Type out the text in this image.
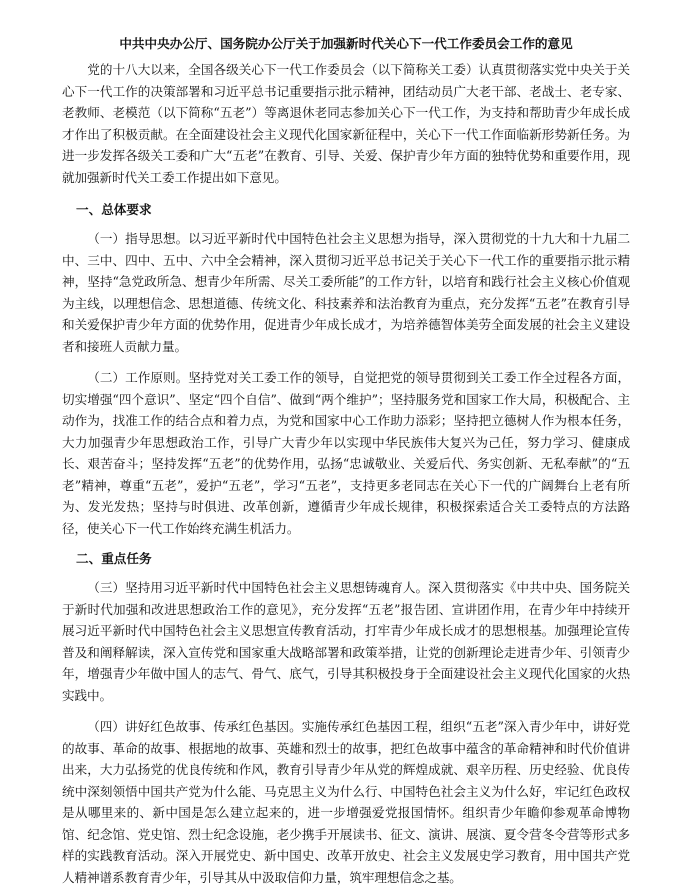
中共中央办公厅、国务院办公厅关于加强新时代关心下一代工作委员会工作的意见

党的十八大以来，全国各级关心下一代工作委员会（以下简称关工委）认真贯彻落实党中央关于关心下一代工作的决策部署和习近平总书记重要指示批示精神，团结动员广大老干部、老战士、老专家、老教师、老模范（以下简称“五老”）等离退休老同志参加关心下一代工作，为支持和帮助青少年成长成才作出了积极贡献。在全面建设社会主义现代化国家新征程中，关心下一代工作面临新形势新任务。为进一步发挥各级关工委和广大“五老”在教育、引导、关爱、保护青少年方面的独特优势和重要作用，现就加强新时代关工委工作提出如下意见。

一、总体要求

（一）指导思想。以习近平新时代中国特色社会主义思想为指导，深入贯彻党的十九大和十九届二中、三中、四中、五中、六中全会精神，深入贯彻习近平总书记关于关心下一代工作的重要指示批示精神，坚持“急党政所急、想青少年所需、尽关工委所能”的工作方针，以培育和践行社会主义核心价值观为主线，以理想信念、思想道德、传统文化、科技素养和法治教育为重点，充分发挥“五老”在教育引导和关爱保护青少年方面的优势作用，促进青少年成长成才，为培养德智体美劳全面发展的社会主义建设者和接班人贡献力量。

（二）工作原则。坚持党对关工委工作的领导，自觉把党的领导贯彻到关工委工作全过程各方面，切实增强“四个意识”、坚定“四个自信”、做到“两个维护”；坚持服务党和国家工作大局，积极配合、主动作为，找准工作的结合点和着力点，为党和国家中心工作助力添彩；坚持把立德树人作为根本任务，大力加强青少年思想政治工作，引导广大青少年以实现中华民族伟大复兴为己任，努力学习、健康成长、艰苦奋斗；坚持发挥“五老”的优势作用，弘扬“忠诚敬业、关爱后代、务实创新、无私奉献”的“五老”精神，尊重“五老”，爱护“五老”，学习“五老”，支持更多老同志在关心下一代的广阔舞台上老有所为、发光发热；坚持与时俱进、改革创新，遵循青少年成长规律，积极探索适合关工委特点的方法路径，使关心下一代工作始终充满生机活力。

二、重点任务

（三）坚持用习近平新时代中国特色社会主义思想铸魂育人。深入贯彻落实《中共中央、国务院关于新时代加强和改进思想政治工作的意见》，充分发挥“五老”报告团、宣讲团作用，在青少年中持续开展习近平新时代中国特色社会主义思想宣传教育活动，打牢青少年成长成才的思想根基。加强理论宣传普及和阐释解读，深入宣传党和国家重大战略部署和政策举措，让党的创新理论走进青少年、引领青少年，增强青少年做中国人的志气、骨气、底气，引导其积极投身于全面建设社会主义现代化国家的火热实践中。

（四）讲好红色故事、传承红色基因。实施传承红色基因工程，组织“五老”深入青少年中，讲好党的故事、革命的故事、根据地的故事、英雄和烈士的故事，把红色故事中蕴含的革命精神和时代价值讲出来，大力弘扬党的优良传统和作风，教育引导青少年从党的辉煌成就、艰辛历程、历史经验、优良传统中深刻领悟中国共产党为什么能、马克思主义为什么行、中国特色社会主义为什么好，牢记红色政权是从哪里来的、新中国是怎么建立起来的，进一步增强爱党报国情怀。组织青少年瞻仰参观革命博物馆、纪念馆、党史馆、烈士纪念设施，老少携手开展读书、征文、演讲、展演、夏令营冬令营等形式多样的实践教育活动。深入开展党史、新中国史、改革开放史、社会主义发展史学习教育，用中国共产党人精神谱系教育青少年，引导其从中汲取信仰力量，筑牢理想信念之基。
